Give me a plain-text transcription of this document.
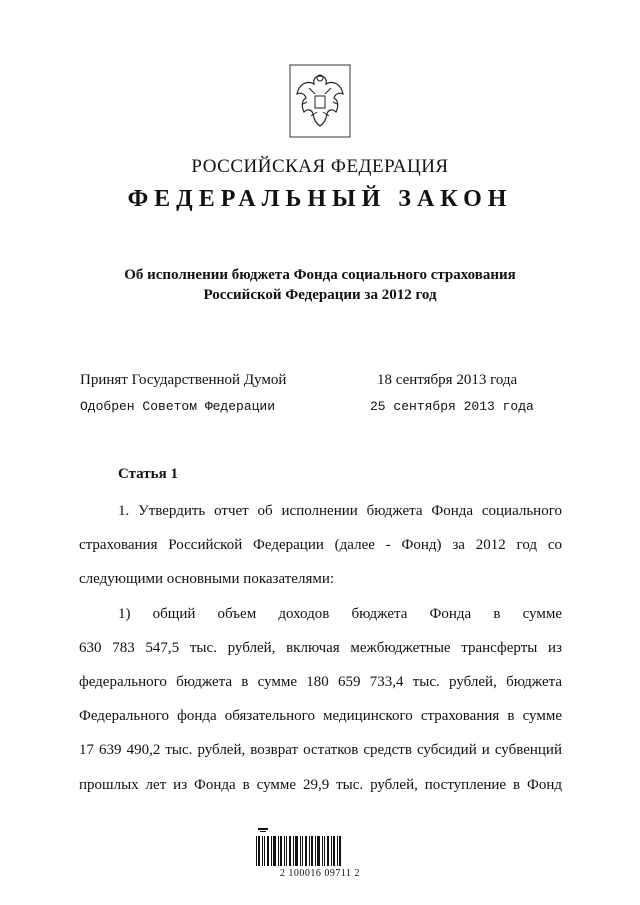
РОССИЙСКАЯ ФЕДЕРАЦИЯ
ФЕДЕРАЛЬНЫЙ ЗАКОН
Об исполнении бюджета Фонда социального страхования
Российской Федерации за 2012 год
Принят Государственной Думой	18 сентября 2013 года
Одобрен Советом Федерации	25 сентября 2013 года
Статья 1
1. Утвердить отчет об исполнении бюджета Фонда социального
страхования Российской Федерации (далее - Фонд) за 2012 год со
следующими основными показателями:
1) общий объем доходов бюджета Фонда в сумме
630 783 547,5 тыс. рублей, включая межбюджетные трансферты из
федерального бюджета в сумме 180 659 733,4 тыс. рублей, бюджета
Федерального фонда обязательного медицинского страхования в сумме
17 639 490,2 тыс. рублей, возврат остатков средств субсидий и субвенций
прошлых лет из Фонда в сумме 29,9 тыс. рублей, поступление в Фонд
2 100016 09711 2
